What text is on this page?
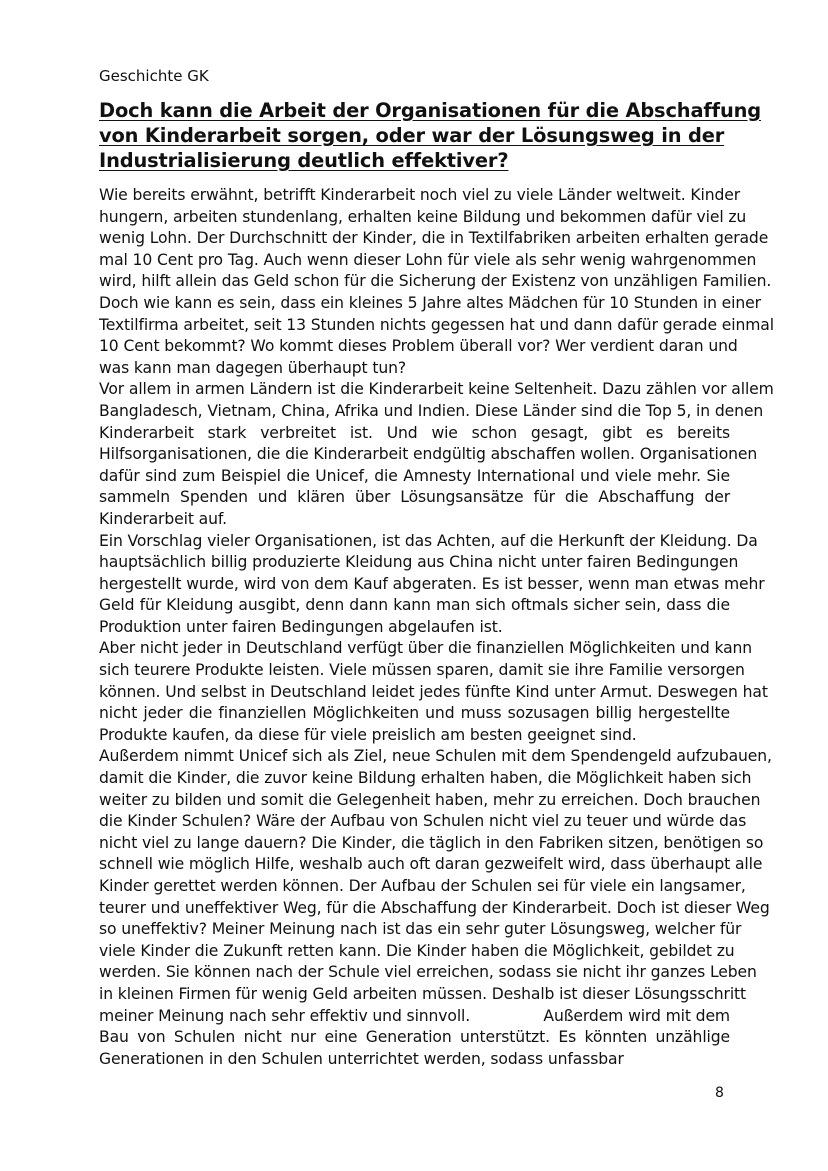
Geschichte GK
Doch kann die Arbeit der Organisationen für die Abschaffung
von Kinderarbeit sorgen, oder war der Lösungsweg in der
Industrialisierung deutlich effektiver?
Wie bereits erwähnt, betrifft Kinderarbeit noch viel zu viele Länder weltweit. Kinder
hungern, arbeiten stundenlang, erhalten keine Bildung und bekommen dafür viel zu
wenig Lohn. Der Durchschnitt der Kinder, die in Textilfabriken arbeiten erhalten gerade
mal 10 Cent pro Tag. Auch wenn dieser Lohn für viele als sehr wenig wahrgenommen
wird, hilft allein das Geld schon für die Sicherung der Existenz von unzähligen Familien.
Doch wie kann es sein, dass ein kleines 5 Jahre altes Mädchen für 10 Stunden in einer
Textilfirma arbeitet, seit 13 Stunden nichts gegessen hat und dann dafür gerade einmal
10 Cent bekommt? Wo kommt dieses Problem überall vor? Wer verdient daran und
was kann man dagegen überhaupt tun?
Vor allem in armen Ländern ist die Kinderarbeit keine Seltenheit. Dazu zählen vor allem
Bangladesch, Vietnam, China, Afrika und Indien. Diese Länder sind die Top 5, in denen
Kinderarbeit stark verbreitet ist. Und wie schon gesagt, gibt es bereits
Hilfsorganisationen, die die Kinderarbeit endgültig abschaffen wollen. Organisationen
dafür sind zum Beispiel die Unicef, die Amnesty International und viele mehr. Sie
sammeln Spenden und klären über Lösungsansätze für die Abschaffung der
Kinderarbeit auf.
Ein Vorschlag vieler Organisationen, ist das Achten, auf die Herkunft der Kleidung. Da
hauptsächlich billig produzierte Kleidung aus China nicht unter fairen Bedingungen
hergestellt wurde, wird von dem Kauf abgeraten. Es ist besser, wenn man etwas mehr
Geld für Kleidung ausgibt, denn dann kann man sich oftmals sicher sein, dass die
Produktion unter fairen Bedingungen abgelaufen ist.
Aber nicht jeder in Deutschland verfügt über die finanziellen Möglichkeiten und kann
sich teurere Produkte leisten. Viele müssen sparen, damit sie ihre Familie versorgen
können. Und selbst in Deutschland leidet jedes fünfte Kind unter Armut. Deswegen hat
nicht jeder die finanziellen Möglichkeiten und muss sozusagen billig hergestellte
Produkte kaufen, da diese für viele preislich am besten geeignet sind.
Außerdem nimmt Unicef sich als Ziel, neue Schulen mit dem Spendengeld aufzubauen,
damit die Kinder, die zuvor keine Bildung erhalten haben, die Möglichkeit haben sich
weiter zu bilden und somit die Gelegenheit haben, mehr zu erreichen. Doch brauchen
die Kinder Schulen? Wäre der Aufbau von Schulen nicht viel zu teuer und würde das
nicht viel zu lange dauern? Die Kinder, die täglich in den Fabriken sitzen, benötigen so
schnell wie möglich Hilfe, weshalb auch oft daran gezweifelt wird, dass überhaupt alle
Kinder gerettet werden können. Der Aufbau der Schulen sei für viele ein langsamer,
teurer und uneffektiver Weg, für die Abschaffung der Kinderarbeit. Doch ist dieser Weg
so uneffektiv? Meiner Meinung nach ist das ein sehr guter Lösungsweg, welcher für
viele Kinder die Zukunft retten kann. Die Kinder haben die Möglichkeit, gebildet zu
werden. Sie können nach der Schule viel erreichen, sodass sie nicht ihr ganzes Leben
in kleinen Firmen für wenig Geld arbeiten müssen. Deshalb ist dieser Lösungsschritt
meiner Meinung nach sehr effektiv und sinnvoll.	Außerdem wird mit dem
Bau von Schulen nicht nur eine Generation unterstützt. Es könnten unzählige
Generationen in den Schulen unterrichtet werden, sodass unfassbar
8
